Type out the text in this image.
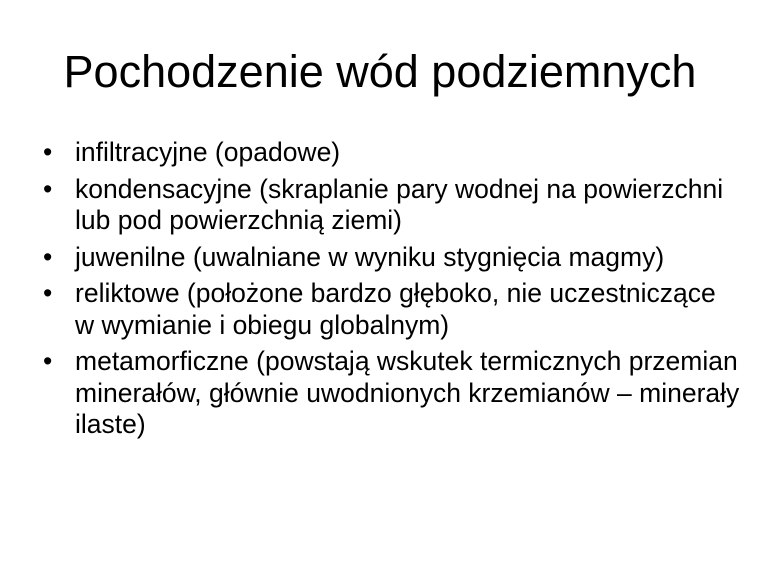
Pochodzenie wód podziemnych
• infiltracyjne (opadowe)
• kondensacyjne (skraplanie pary wodnej na powierzchni lub pod powierzchnią ziemi)
• juwenilne (uwalniane w wyniku stygnięcia magmy)
• reliktowe (położone bardzo głęboko, nie uczestniczące w wymianie i obiegu globalnym)
• metamorficzne (powstają wskutek termicznych przemian minerałów, głównie uwodnionych krzemianów – minerały ilaste)
